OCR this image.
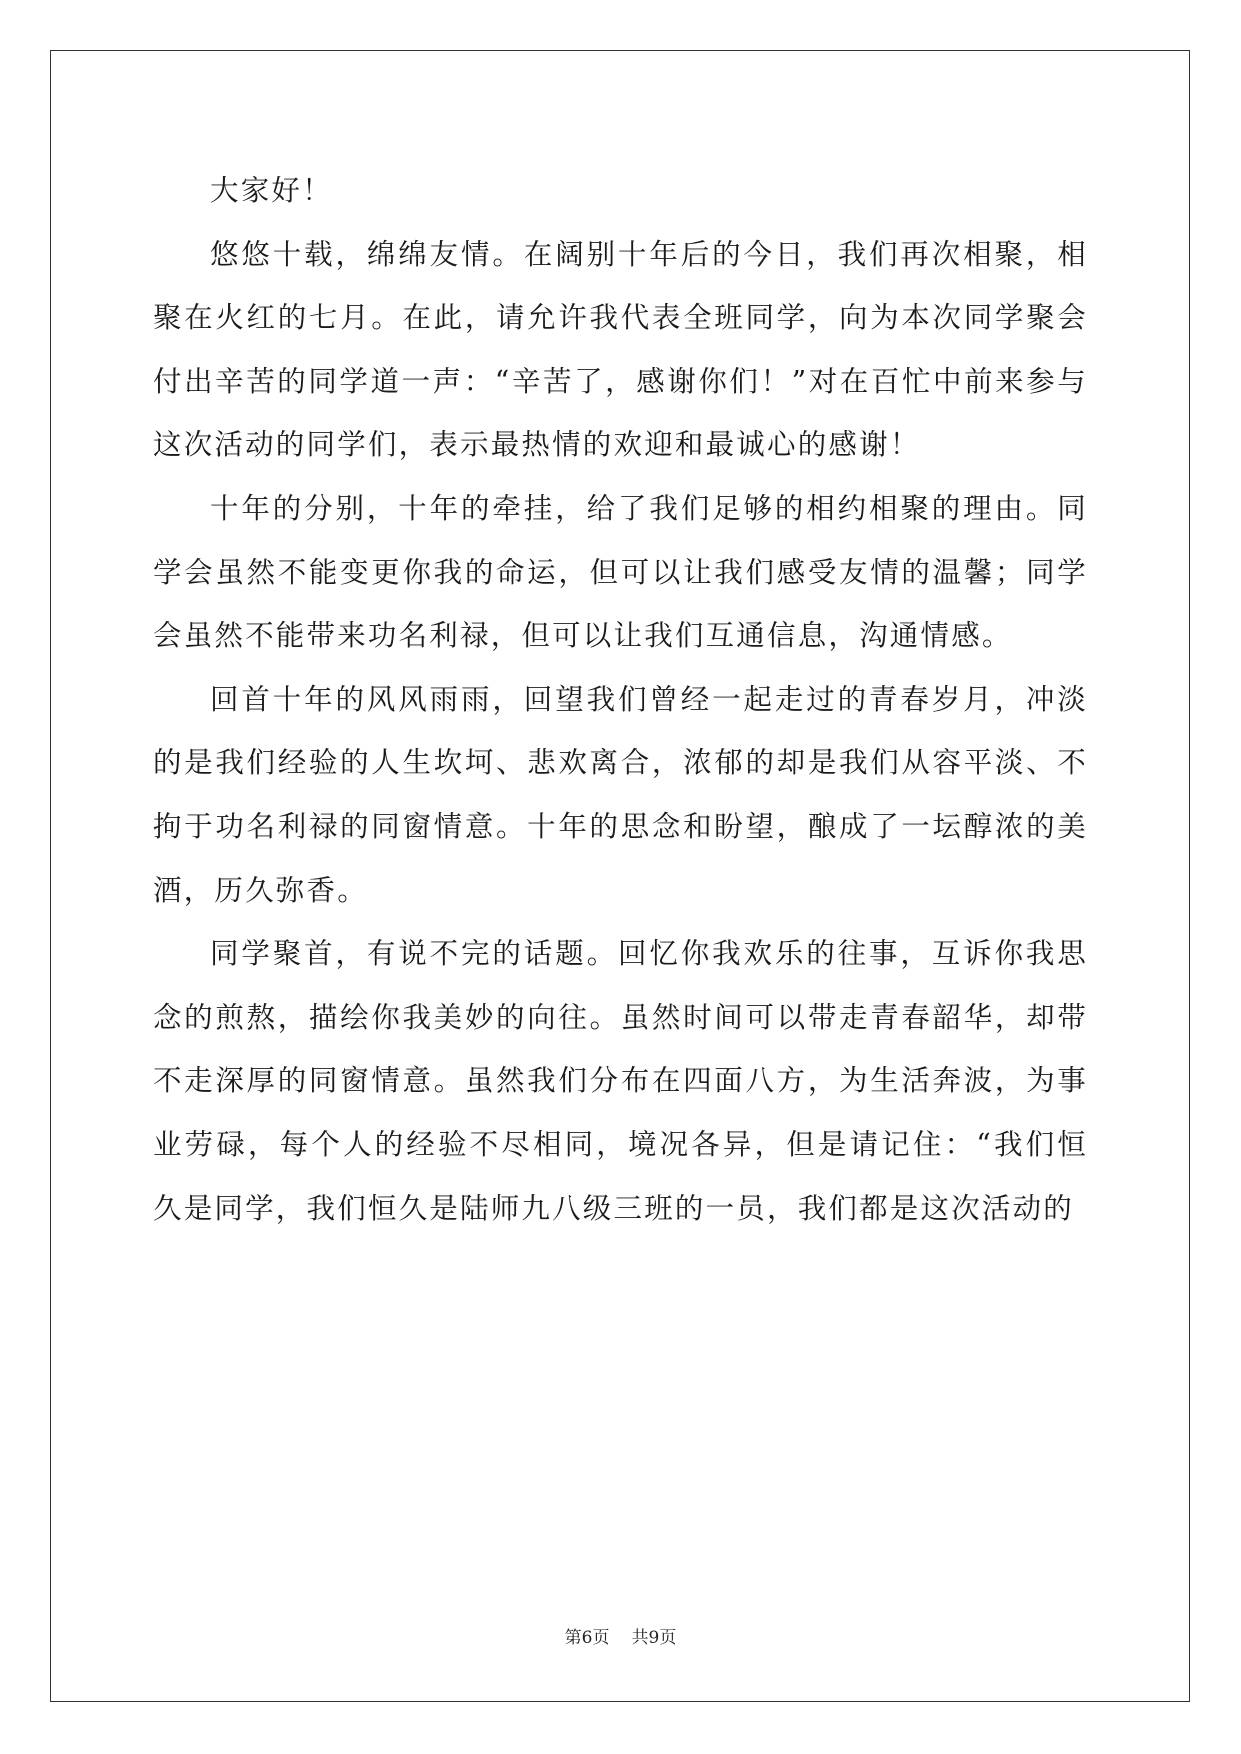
大家好！

悠悠十载，绵绵友情。在阔别十年后的今日，我们再次相聚，相聚在火红的七月。在此，请允许我代表全班同学，向为本次同学聚会付出辛苦的同学道一声：“辛苦了，感谢你们！”对在百忙中前来参与这次活动的同学们，表示最热情的欢迎和最诚心的感谢！

十年的分别，十年的牵挂，给了我们足够的相约相聚的理由。同学会虽然不能变更你我的命运，但可以让我们感受友情的温馨；同学会虽然不能带来功名利禄，但可以让我们互通信息，沟通情感。

回首十年的风风雨雨，回望我们曾经一起走过的青春岁月，冲淡的是我们经验的人生坎坷、悲欢离合，浓郁的却是我们从容平淡、不拘于功名利禄的同窗情意。十年的思念和盼望，酿成了一坛醇浓的美酒，历久弥香。

同学聚首，有说不完的话题。回忆你我欢乐的往事，互诉你我思念的煎熬，描绘你我美妙的向往。虽然时间可以带走青春韶华，却带不走深厚的同窗情意。虽然我们分布在四面八方，为生活奔波，为事业劳碌，每个人的经验不尽相同，境况各异，但是请记住：“我们恒久是同学，我们恒久是陆师九八级三班的一员，我们都是这次活动的

第6页 共9页
